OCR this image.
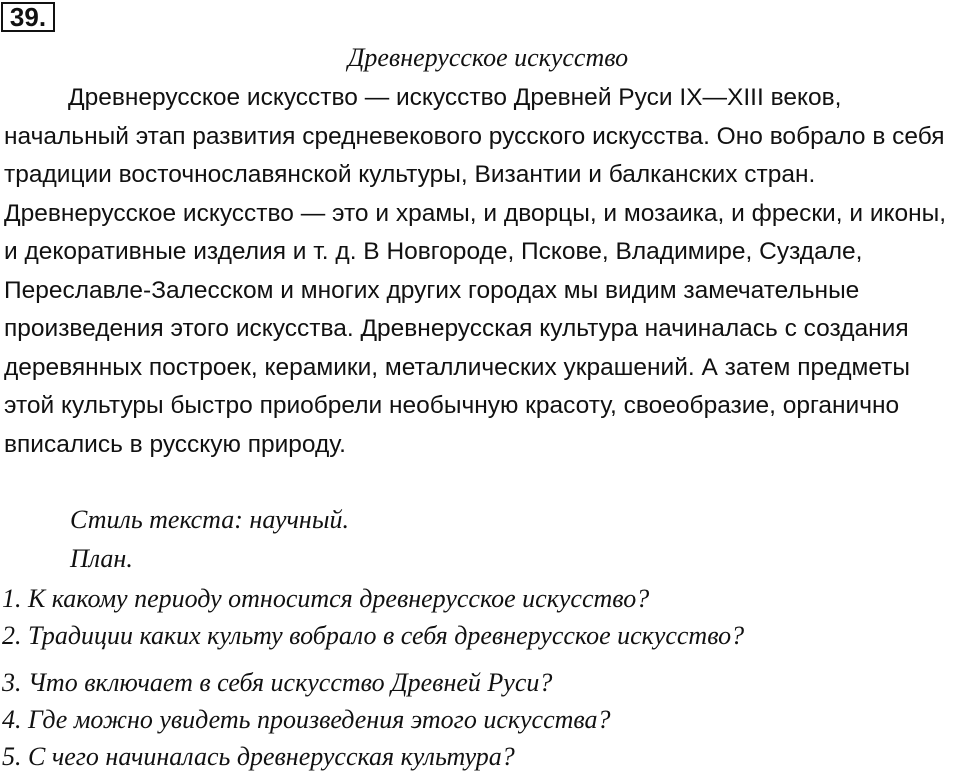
39.
Древнерусское искусство

Древнерусское искусство — искусство Древней Руси IX—XIII веков, начальный этап развития средневекового русского искусства. Оно вобрало в себя традиции восточнославянской культуры, Византии и балканских стран. Древнерусское искусство — это и храмы, и дворцы, и мозаика, и фрески, и иконы, и декоративные изделия и т. д. В Новгороде, Пскове, Владимире, Суздале, Переславле-Залесском и многих других городах мы видим замечательные произведения этого искусства. Древнерусская культура начиналась с создания деревянных построек, керамики, металлических украшений. А затем предметы этой культуры быстро приобрели необычную красоту, своеобразие, органично вписались в русскую природу.

Стиль текста: научный.
План.
1. К какому периоду относится древнерусское искусство?
2. Традиции каких культу вобрало в себя древнерусское искусство?
3. Что включает в себя искусство Древней Руси?
4. Где можно увидеть произведения этого искусства?
5. С чего начиналась древнерусская культура?
